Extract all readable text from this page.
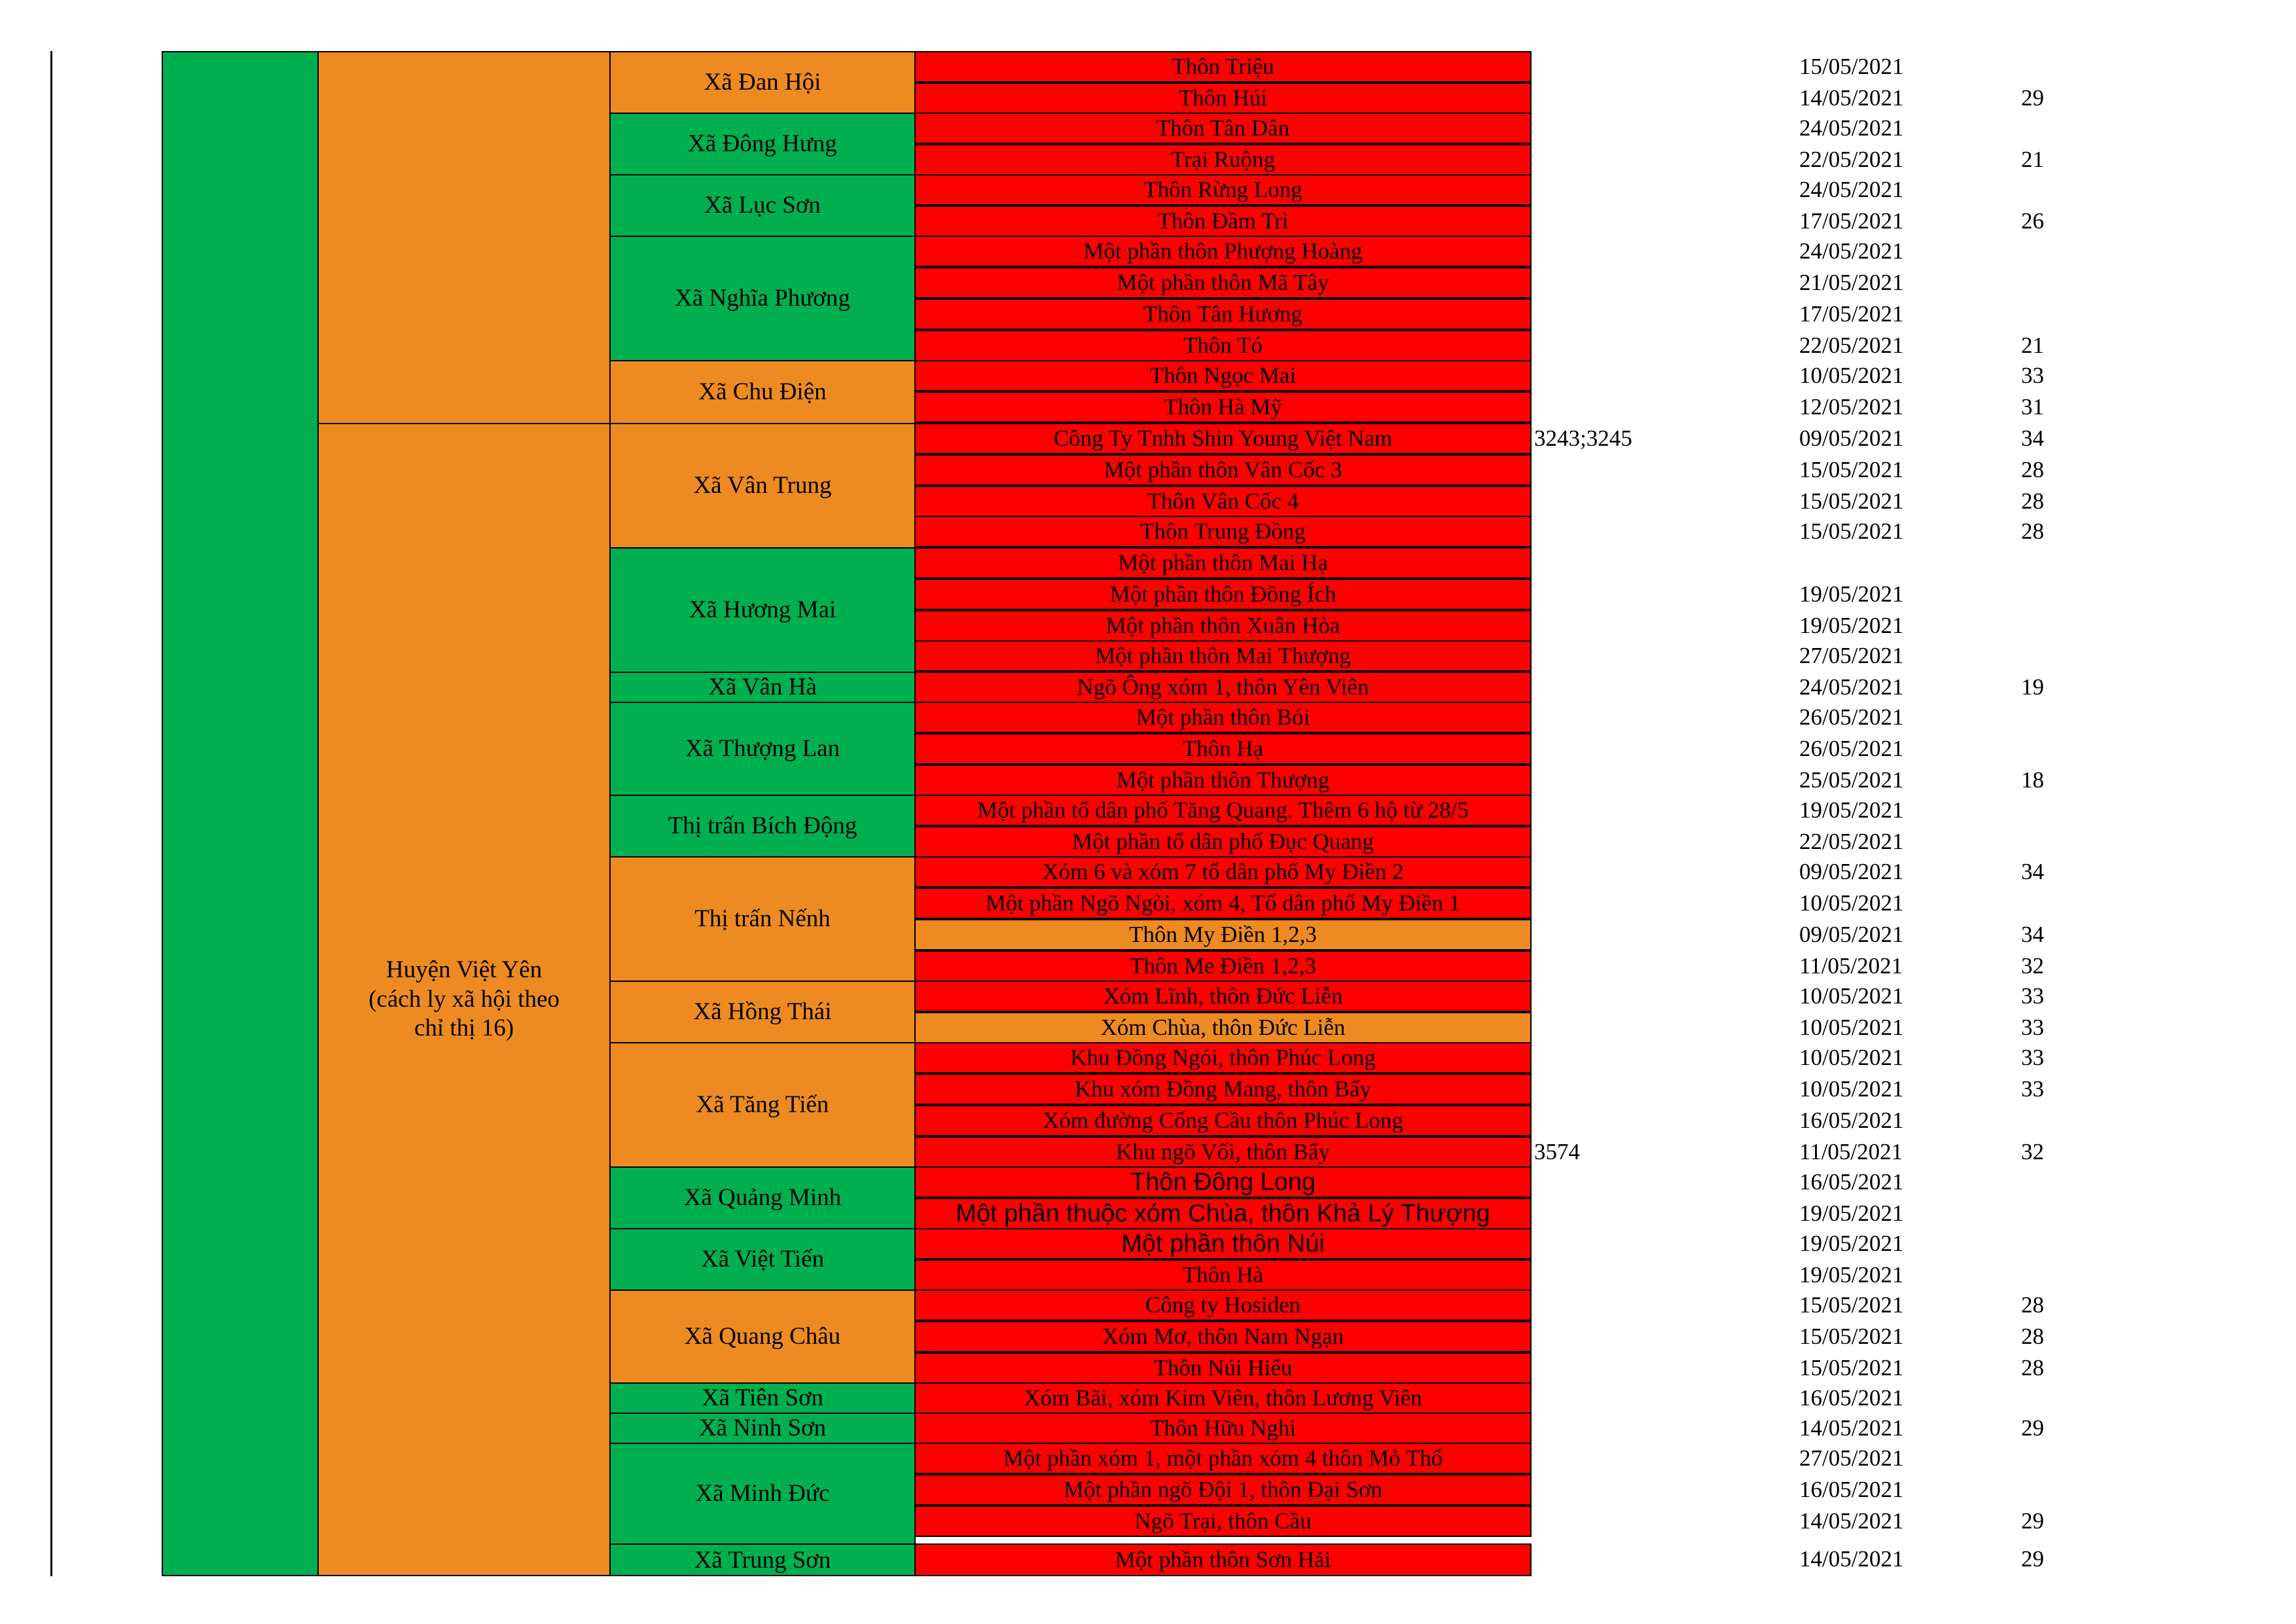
Huyện Việt Yên
(cách ly xã hội theo
chỉ thị 16)
Xã Đan Hội
Xã Đông Hưng
Xã Lục Sơn
Xã Nghĩa Phương
Xã Chu Điện
Xã Vân Trung
Xã Hương Mai
Xã Vân Hà
Xã Thượng Lan
Thị trấn Bích Động
Thị trấn Nếnh
Xã Hồng Thái
Xã Tăng Tiến
Xã Quảng Minh
Xã Việt Tiến
Xã Quang Châu
Xã Tiên Sơn
Xã Ninh Sơn
Xã Minh Đức
Xã Trung Sơn
Thôn Triệu
Thôn Húi
Thôn Tân Dân
Trại Ruộng
Thôn Rừng Long
Thôn Đầm Trì
Một phần thôn Phượng Hoàng
Một phần thôn Mã Tây
Thôn Tân Hương
Thôn Tó
Thôn Ngọc Mai
Thôn Hà Mỹ
Công Ty Tnhh Shin Young Việt Nam
Một phần thôn Vân Cốc 3
Thôn Vân Cốc 4
Thôn Trung Đồng
Một phần thôn Mai Hạ
Một phần thôn Đồng Ích
Một phần thôn Xuân Hòa
Một phần thôn Mai Thượng
Ngõ Ông xóm 1, thôn Yên Viên
Một phần thôn Bói
Thôn Hạ
Một phần thôn Thượng
Một phần tổ dân phố Tăng Quang. Thêm 6 hộ từ 28/5
Một phần tổ dân phố Đục Quang
Xóm 6 và xóm 7 tổ dân phố My Điền 2
Một phần Ngõ Ngòi, xóm 4, Tổ dân phố My Điền 1
Thôn My Điền 1,2,3
Thôn Me Điền 1,2,3
Xóm Lĩnh, thôn Đức Liễn
Xóm Chùa, thôn Đức Liễn
Khu Đồng Ngói, thôn Phúc Long
Khu xóm Đồng Mang, thôn Bẩy
Xóm đường Cống Cầu thôn Phúc Long
Khu ngõ Vối, thôn Bẩy
Thôn Đông Long
Một phần thuộc xóm Chùa, thôn Khả Lý Thượng
Một phần thôn Núi
Thôn Hà
Công ty Hosiden
Xóm Mơ, thôn Nam Ngạn
Thôn Núi Hiếu
Xóm Bãi, xóm Kim Viên, thôn Lương Viên
Thôn Hữu Nghi
Một phần xóm 1, một phần xóm 4 thôn Mỏ Thổ
Một phần ngõ Đội 1, thôn Đại Sơn
Ngõ Trại, thôn Cầu
Một phần thôn Sơn Hải
3243;3245
3574
15/05/2021
14/05/2021
24/05/2021
22/05/2021
24/05/2021
17/05/2021
24/05/2021
21/05/2021
17/05/2021
22/05/2021
10/05/2021
12/05/2021
09/05/2021
15/05/2021
15/05/2021
15/05/2021
19/05/2021
19/05/2021
27/05/2021
24/05/2021
26/05/2021
26/05/2021
25/05/2021
19/05/2021
22/05/2021
09/05/2021
10/05/2021
09/05/2021
11/05/2021
10/05/2021
10/05/2021
10/05/2021
10/05/2021
16/05/2021
11/05/2021
16/05/2021
19/05/2021
19/05/2021
19/05/2021
15/05/2021
15/05/2021
15/05/2021
16/05/2021
14/05/2021
27/05/2021
16/05/2021
14/05/2021
14/05/2021
29
21
26
21
33
31
34
28
28
28
19
18
34
34
32
33
33
33
33
32
28
28
28
29
29
29
